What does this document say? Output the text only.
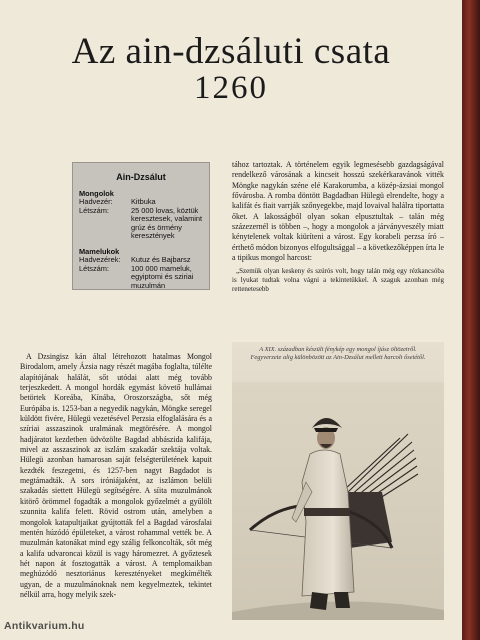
Az ain-dzsáluti csata
1260
Ain-Dzsálut
Mongolok
Hadvezér:	Kitbuka
Létszám:	25 000 lovas, köztük keresztesek, valamint grúz és örmény keresztények
Mamelukok
Hadvezérek:	Kutuz és Bajbarsz
Létszám:	100 000 mameluk, egyiptomi és sziriai muzulmán

A Dzsingisz kán által létrehozott hatalmas Mongol Birodalom, amely Ázsia nagy részét magába foglalta, túlélte alapítójának halálát, sőt utódai alatt még tovább terjeszkedett. A mongol hordák egymást követő hullámai betörtek Koreába, Kínába, Oroszországba, sőt még Európába is. 1253-ban a negyedik nagykán, Möngke seregel küldött fivére, Hülegü vezetésével Perzsia elfoglalására és a szíriai asszaszinok uralmának megtörésére. A mongol hadjáratot kezdetben üdvözölte Bagdad abbászida kalifája, mivel az asszaszinok az iszlám szakadár szektája voltak. Hülegü azonban hamarosan saját felségterületének kapuit kezdték feszegetni, és 1257-ben nagyt Bagdadot is megtámadták. A sors iróniájaként, az iszlámon belüli szakadás siettett Hülegü segítségére. A síita muzulmánok kitörő örömmel fogadták a mongolok győzelmét a gyűlölt szunnita kalifa felett. Rövid ostrom után, amelyben a mongolok katapultjaikat gyújtották fel a Bagdad városfalai mentén húzódó épületeket, a várost rohammal vették be. A muzulmán katonákat mind egy szálig felkoncolták, sőt még a kalifa udvaroncai közül is vagy háromezret. A győztesek hét napon át fosztogatták a várost. A templomaikban meghúzódó nesztoriánus keresztényeket megkímélték ugyan, de a muzulmánoknak nem kegyelmeztek, tekintet nélkül arra, hogy melyik szek-

tához tartoztak. A történelem egyik legmesésebb gazdagságával rendelkező városának a kincseit hosszú szekérkaravánok vitték Möngke nagykán széne elé Karakorumba, a közép-ázsiai mongol fővárosba. A romba döntött Bagdadban Hülegü elrendelte, hogy a kalifát és fiait varrják szőnyegekbe, majd lovaival halálra tiportatta őket. A lakosságból olyan sokan elpusztultak – talán még százezernél is többen –, hogy a mongolok a járványveszély miatt kénytelenek voltak kiüríteni a várost. Egy korabeli perzsa író – érthető módon bizonyos elfogultsággal – a következőképpen írta le a tipikus mongol harcost:

„Szemük olyan keskeny és szúrós volt, hogy talán még egy rézkancsóba is lyukat tudtak volna vágni a tekintetükkel. A szaguk azonban még rettenetesebb

A XIX. században készült fénykép egy mongol íjász öltözetről. Fegyverzete alig különbözött az Ain-Dzsálut mellett harcolt őseiétől.
Antikvarium.hu
